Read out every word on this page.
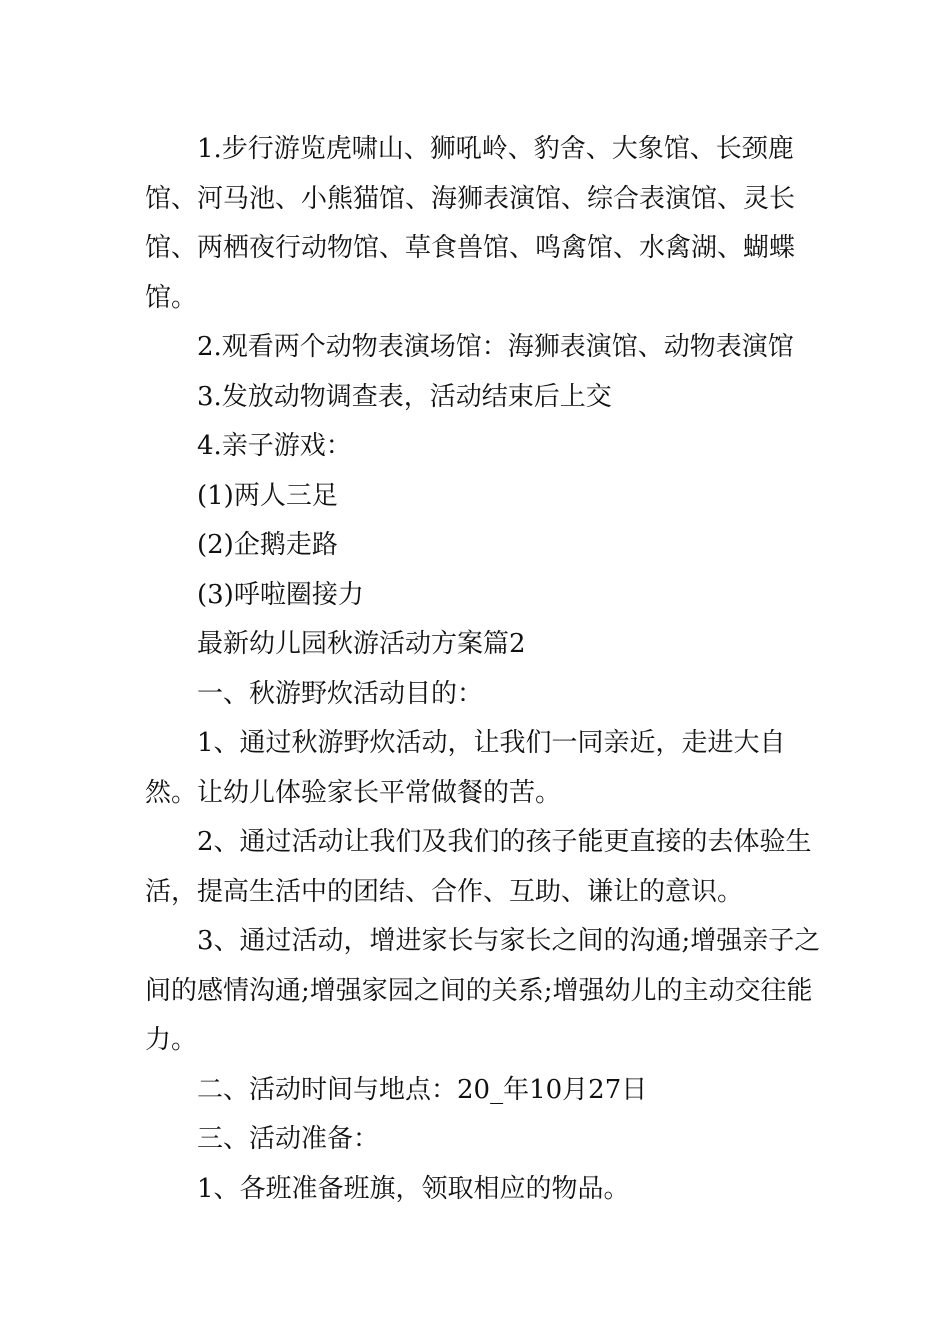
1.步行游览虎啸山、狮吼岭、豹舍、大象馆、长颈鹿馆、河马池、小熊猫馆、海狮表演馆、综合表演馆、灵长馆、两栖夜行动物馆、草食兽馆、鸣禽馆、水禽湖、蝴蝶馆。

2.观看两个动物表演场馆：海狮表演馆、动物表演馆

3.发放动物调查表，活动结束后上交

4.亲子游戏：

(1)两人三足

(2)企鹅走路

(3)呼啦圈接力

最新幼儿园秋游活动方案篇2

一、秋游野炊活动目的：

1、通过秋游野炊活动，让我们一同亲近，走进大自然。让幼儿体验家长平常做餐的苦。

2、通过活动让我们及我们的孩子能更直接的去体验生活，提高生活中的团结、合作、互助、谦让的意识。

3、通过活动，增进家长与家长之间的沟通;增强亲子之间的感情沟通;增强家园之间的关系;增强幼儿的主动交往能力。

二、活动时间与地点：20_年10月27日

三、活动准备：

1、各班准备班旗，领取相应的物品。
